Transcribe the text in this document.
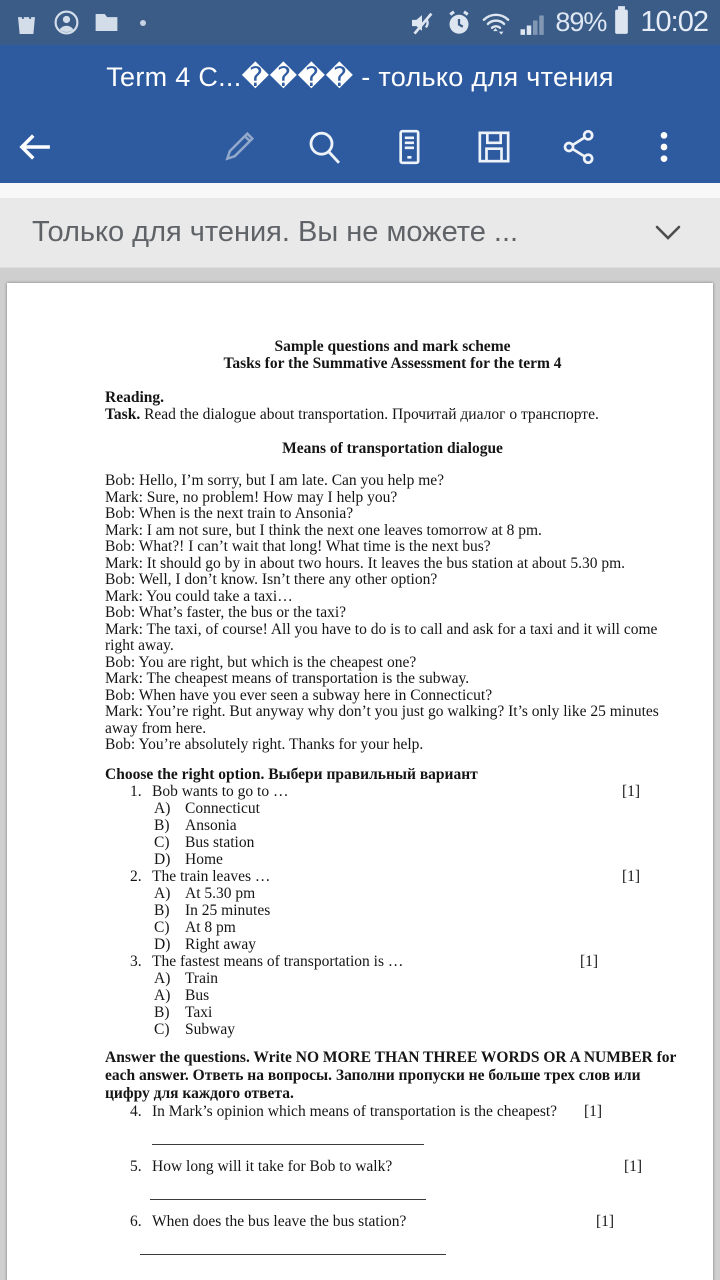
89% 10:02
Term 4 C...���� - только для чтения
Только для чтения. Вы не можете ...
Sample questions and mark scheme
Tasks for the Summative Assessment for the term 4
Reading.
Task. Read the dialogue about transportation. Прочитай диалог о транспорте.
Means of transportation dialogue
Bob: Hello, I’m sorry, but I am late. Can you help me?
Mark: Sure, no problem! How may I help you?
Bob: When is the next train to Ansonia?
Mark: I am not sure, but I think the next one leaves tomorrow at 8 pm.
Bob: What?! I can’t wait that long! What time is the next bus?
Mark: It should go by in about two hours. It leaves the bus station at about 5.30 pm.
Bob: Well, I don’t know. Isn’t there any other option?
Mark: You could take a taxi…
Bob: What’s faster, the bus or the taxi?
Mark: The taxi, of course! All you have to do is to call and ask for a taxi and it will come right away.
Bob: You are right, but which is the cheapest one?
Mark: The cheapest means of transportation is the subway.
Bob: When have you ever seen a subway here in Connecticut?
Mark: You’re right. But anyway why don’t you just go walking? It’s only like 25 minutes away from here.
Bob: You’re absolutely right. Thanks for your help.
Choose the right option. Выбери правильный вариант
1. Bob wants to go to …	[1]
A) Connecticut
B) Ansonia
C) Bus station
D) Home
2. The train leaves …	[1]
A) At 5.30 pm
B) In 25 minutes
C) At 8 pm
D) Right away
3. The fastest means of transportation is …	[1]
A) Train
A) Bus
B) Taxi
C) Subway
Answer the questions. Write NO MORE THAN THREE WORDS OR A NUMBER for each answer. Ответь на вопросы. Заполни пропуски не больше трех слов или цифру для каждого ответа.
4. In Mark’s opinion which means of transportation is the cheapest? [1]
5. How long will it take for Bob to walk?	[1]
6. When does the bus leave the bus station?	[1]
